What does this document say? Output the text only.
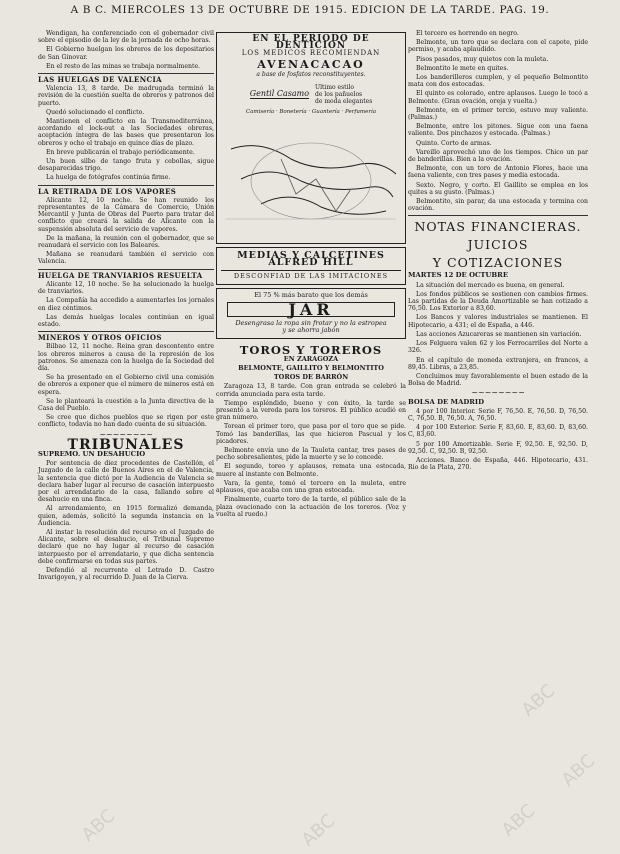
A B C. MIERCOLES 13 DE OCTUBRE DE 1915. EDICION DE LA TARDE. PAG. 19.

Wendigan, ha conferenciado con el gobernador civil sobre el episodio de la ley de la jornada de ocho horas.

El Gobierno huelgan los obreros de los depositarios de San Ginovar.

En el resto de las minas se trabaja normalmente.

LAS HUELGAS DE VALENCIA

Valencia 13, 8 tarde. De madrugada terminó la revisión de la cuestión suelta de obreros y patronos del puerto.

Quedó solucionado el conflicto.

Mantienen el conflicto en la Transmediterránea, acordando el lock-out a las Sociedades obreras, aceptación íntegra de las bases que presentaron los obreros y ocho el trabajo en quince días de plazo.

En breve publicarán el trabajo periódicamente.

Un buen silbo de tango fruta y cebollas, sigue desaparecidas trigo.

La huelga de fotógrafos continúa firme.

LA RETIRADA DE LOS VAPORES

Alicante 12, 10 noche. Se han reunido los representantes de la Cámara de Comercio, Unión Mercantil y Junta de Obras del Puerto para tratar del conflicto que creará la salida de Alicante con la suspensión absoluta del servicio de vapores.

De la mañana, la reunión con el gobernador, que se reanudará el servicio con los Baleares.

Mañana se reanudará también el servicio con Valencia.

HUELGA DE TRANVIARIOS RESUELTA

Alicante 12, 10 noche. Se ha solucionado la huelga de tranviarios.

La Compañía ha accedido a aumentarles los jornales en diez céntimos.

Las demás huelgas locales continúan en igual estado.

MINEROS Y OTROS OFICIOS

Bilbao 12, 11 noche. Reina gran descontento entre los obreros mineros a causa de la represión de los patronos. Se amenaza con la huelga de la Sociedad del día.

Se ha presentado en el Gobierno civil una comisión de obreros a exponer que el número de mineros está en espera.

Se le planteará la cuestión a la Junta directiva de la Casa del Pueblo.

Se cree que dichos pueblos que se rigen por este conflicto, todavía no han dado cuenta de su situación.

~~~~~~~~
TRIBUNALES
SUPREMO. UN DESAHUCIO

Por sentencia de diez procedentes de Castellón, el Juzgado de la calle de Buenos Aires en el de Valencia, la sentencia que dictó por la Audiencia de Valencia se declara haber lugar al recurso de casación interpuesto por el arrendatario de la casa, fallando sobre el desahucio en una finca.

Al arrendamiento, en 1915 formalizó demanda, quien, además, solicitó la segunda instancia en la Audiencia.

Al instar la resolución del recurso en el Juzgado de Alicante, sobre el desahucio, el Tribunal Supremo declaró que no hay lugar al recurso de casación interpuesto por el arrendatario, y que dicha sentencia debe confirmarse en todas sus partes.

Defendió al recurrente el Letrado D. Castro Invarigoyen, y al recurrido D. Juan de la Cierva.

EN EL PERIODO DE DENTICION
LOS MEDICOS RECOMIENDAN
AVENACACAO
a base de fosfatos reconstituyentes.
Gentil Casamo
Ultimo estilo
de los pañuelos
de moda elegantes
Camisería · Bonetería · Guantería · Perfumería
MEDIAS Y CALCETINES ALFRED HILL
DESCONFIAD DE LAS IMITACIONES
El 75 % más barato que los demás
JAR
Desengrasa la ropa sin frotar y no la estropea
y se ahorra jabón
TOROS Y TOREROS
EN ZARAGOZA
BELMONTE, GAILLITO Y BELMONTITO
TOROS DE BARRÓN

Zaragoza 13, 8 tarde. Con gran entrada se celebró la corrida anunciada para esta tarde.

Tiempo espléndido, bueno y con éxito, la tarde se presentó a la vereda para los toreros. El público acudió en gran número.

Torean el primer toro, que pasa por el toro que se pide. Tomó las banderillas, las que hicieron Pascual y los picadores.

Belmonte envía uno de la Tauleta cantar, tres pases de pecho sobresalientes, pide la muerte y se lo concede.

El segundo, toreo y aplausos, remata una estocada, muere al instante con Belmonte.

Vara, la gente, tomó el tercero en la muleta, entre aplausos, que acaba con una gran estocada.

Finalmente, cuarto toro de la tarde, el público sale de la plaza ovacionado con la actuación de los toreros. (Voz y vuelta al ruedo.)

El tercero es horrendo en negro.

Belmonte, un toro que se declara con el capote, pide permiso, y acaba aplaudido.

Pisos pasados, muy quietos con la muleta.

Belmontito le mete en quites.

Los banderilleros cumplen, y el pequeño Belmontito mata con dos estocadas.

El quinto es colorado, entre aplausos. Luego le tocó a Belmonte. (Gran ovación, oreja y vuelta.)

Belmonte, en el primer tercio, estuvo muy valiente. (Palmas.)

Belmonte, entre los pitones. Sigue con una faena valiente. Dos pinchazos y estocada. (Palmas.)

Quinto. Corto de armas.

Vareillo aprovechó uno de los tiempos. Chico un par de banderillas. Bien a la ovación.

Belmonte, con un toro de Antonio Flores, hace una faena valiente, con tres pases y media estocada.

Sexto. Negro, y corto. El Gaillito se emplea en los quites a su gusto. (Palmas.)

Belmontito, sin parar, da una estocada y termina con ovación.

NOTAS FINANCIERAS.
JUICIOS
Y COTIZACIONES
MARTES 12 DE OCTUBRE

La situación del mercado es buena, en general.

Los fondos públicos se sostienen con cambios firmes. Las partidas de la Deuda Amortizable se han cotizado a 76,50. Los Exterior a 83,60.

Los Bancos y valores industriales se mantienen. El Hipotecario, a 431; el de España, a 446.

Las acciones Azucareras se mantienen sin variación.

Los Felguera valen 62 y los Ferrocarriles del Norte a 326.

En el capítulo de moneda extranjera, en francos, a 89,45. Libras, a 23,85.

Concluimos muy favorablemente el buen estado de la Bolsa de Madrid.

~~~~~~~~
BOLSA DE MADRID

4 por 100 Interior. Serie F, 76,50. E, 76,50. D, 76,50. C, 76,50. B, 76,50. A, 76,50.

4 por 100 Exterior. Serie F, 83,60. E, 83,60. D, 83,60. C, 83,60.

5 por 100 Amortizable. Serie F, 92,50. E, 92,50. D, 92,50. C, 92,50. B, 92,50.

Acciones. Banco de España, 446. Hipotecario, 431. Río de la Plata, 270.

ABC
ABC
ABC
ABC
ABC
